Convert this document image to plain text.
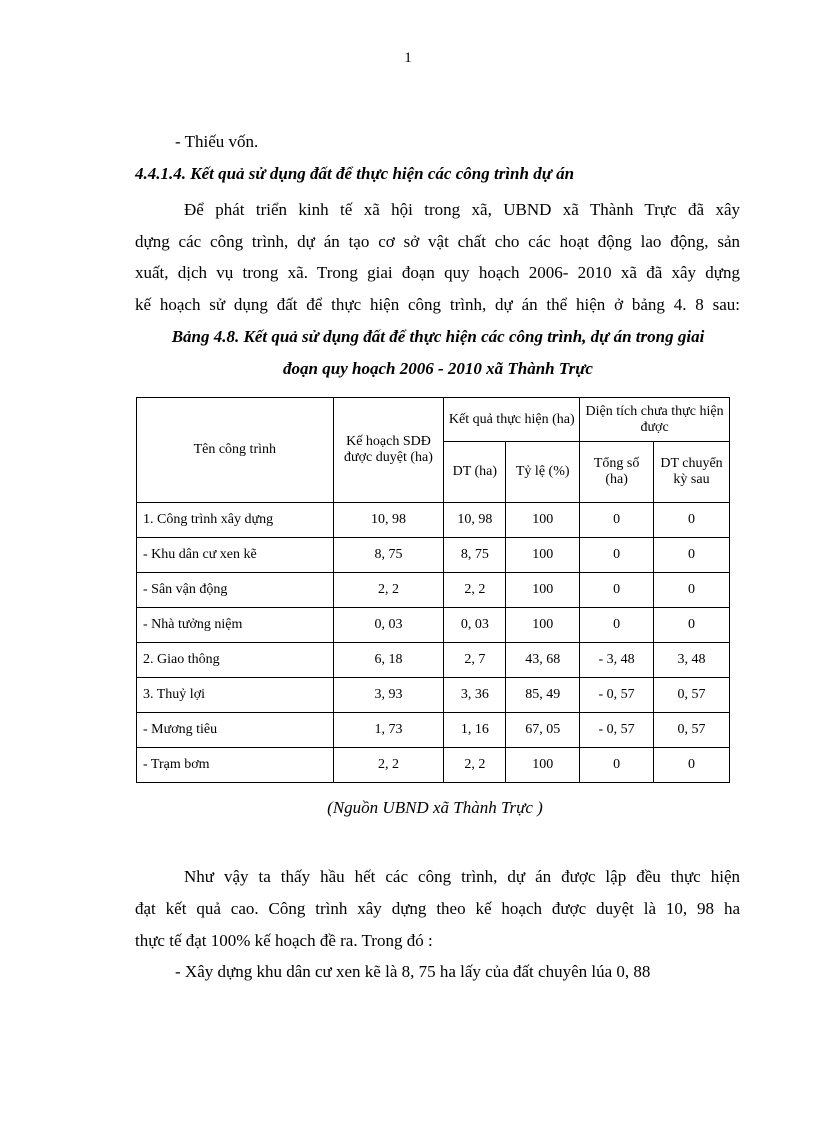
1
- Thiếu vốn.
4.4.1.4. Kết quả sử dụng đất để thực hiện các công trình dự án
Để phát triển kinh tế xã hội trong xã, UBND xã Thành Trực đã xây
dựng các công trình, dự án tạo cơ sở vật chất cho các hoạt động lao động, sản
xuất, dịch vụ trong xã. Trong giai đoạn quy hoạch 2006- 2010 xã đã xây dựng
kế hoạch sử dụng đất để thực hiện công trình, dự án thể hiện ở bảng 4. 8 sau:
Bảng 4.8. Kết quả sử dụng đất để thực hiện các công trình, dự án trong giai
đoạn quy hoạch 2006 - 2010 xã Thành Trực
Tên công trình	Kế hoạch SDĐ được duyệt (ha)	Kết quả thực hiện (ha)		Diện tích chưa thực hiện được	
		DT (ha)	Tỷ lệ (%)	Tổng số (ha)	DT chuyển kỳ sau
1. Công trình xây dựng	10, 98	10, 98	100	0	0
- Khu dân cư xen kẽ	8, 75	8, 75	100	0	0
- Sân vận động	2, 2	2, 2	100	0	0
- Nhà tưởng niệm	0, 03	0, 03	100	0	0
2. Giao thông	6, 18	2, 7	43, 68	- 3, 48	3, 48
3. Thuỷ lợi	3, 93	3, 36	85, 49	- 0, 57	0, 57
- Mương tiêu	1, 73	1, 16	67, 05	- 0, 57	0, 57
- Trạm bơm	2, 2	2, 2	100	0	0
(Nguồn UBND xã Thành Trực )
Như vậy ta thấy hầu hết các công trình, dự án được lập đều thực hiện
đạt kết quả cao. Công trình xây dựng theo kế hoạch được duyệt là 10, 98 ha
thực tế đạt 100% kế hoạch đề ra. Trong đó :
- Xây dựng khu dân cư xen kẽ là 8, 75 ha lấy của đất chuyên lúa 0, 88
